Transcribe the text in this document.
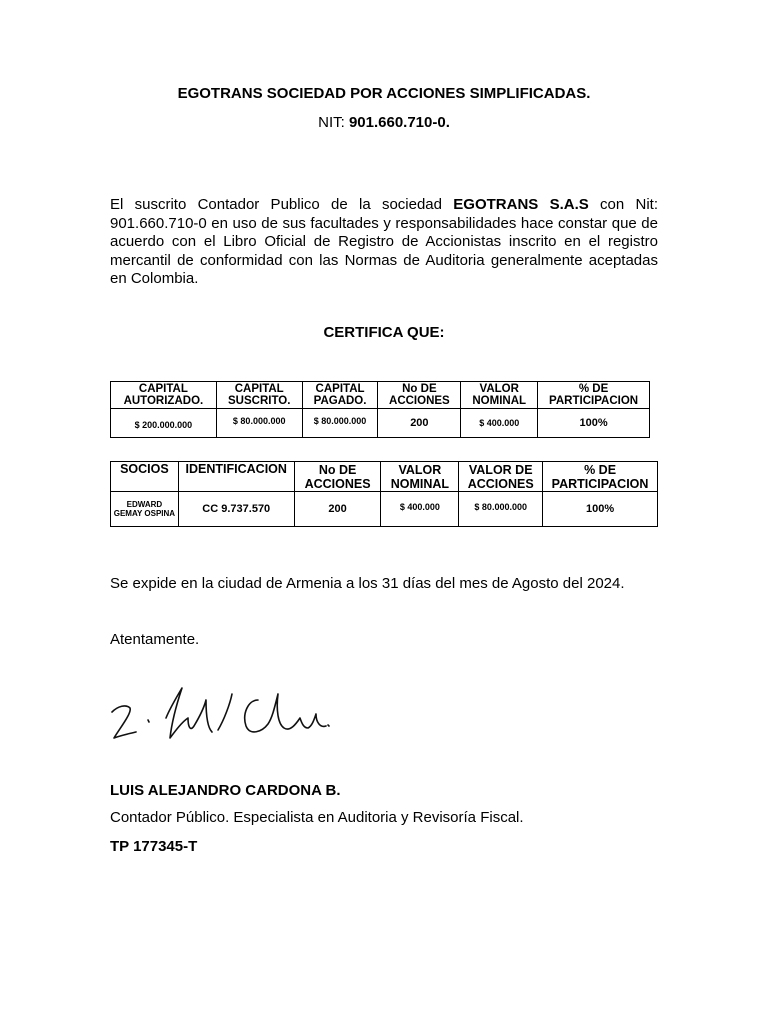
EGOTRANS SOCIEDAD POR ACCIONES SIMPLIFICADAS.
NIT: 901.660.710-0.
El suscrito Contador Publico de la sociedad EGOTRANS S.A.S con Nit: 901.660.710-0 en uso de sus facultades y responsabilidades hace constar que de acuerdo con el Libro Oficial de Registro de Accionistas inscrito en el registro mercantil de conformidad con las Normas de Auditoria generalmente aceptadas en Colombia.
CERTIFICA QUE:
CAPITAL AUTORIZADO.	CAPITAL SUSCRITO.	CAPITAL PAGADO.	No DE ACCIONES	VALOR NOMINAL	% DE PARTICIPACION
$ 200.000.000	$ 80.000.000	$ 80.000.000	200	$ 400.000	100%
SOCIOS	IDENTIFICACION	No DE ACCIONES	VALOR NOMINAL	VALOR DE ACCIONES	% DE PARTICIPACION
EDWARD GEMAY OSPINA	CC 9.737.570	200	$ 400.000	$ 80.000.000	100%
Se expide en la ciudad de Armenia a los 31 días del mes de Agosto del 2024.
Atentamente.
LUIS ALEJANDRO CARDONA B.
Contador Público. Especialista en Auditoria y Revisoría Fiscal.
TP 177345-T
